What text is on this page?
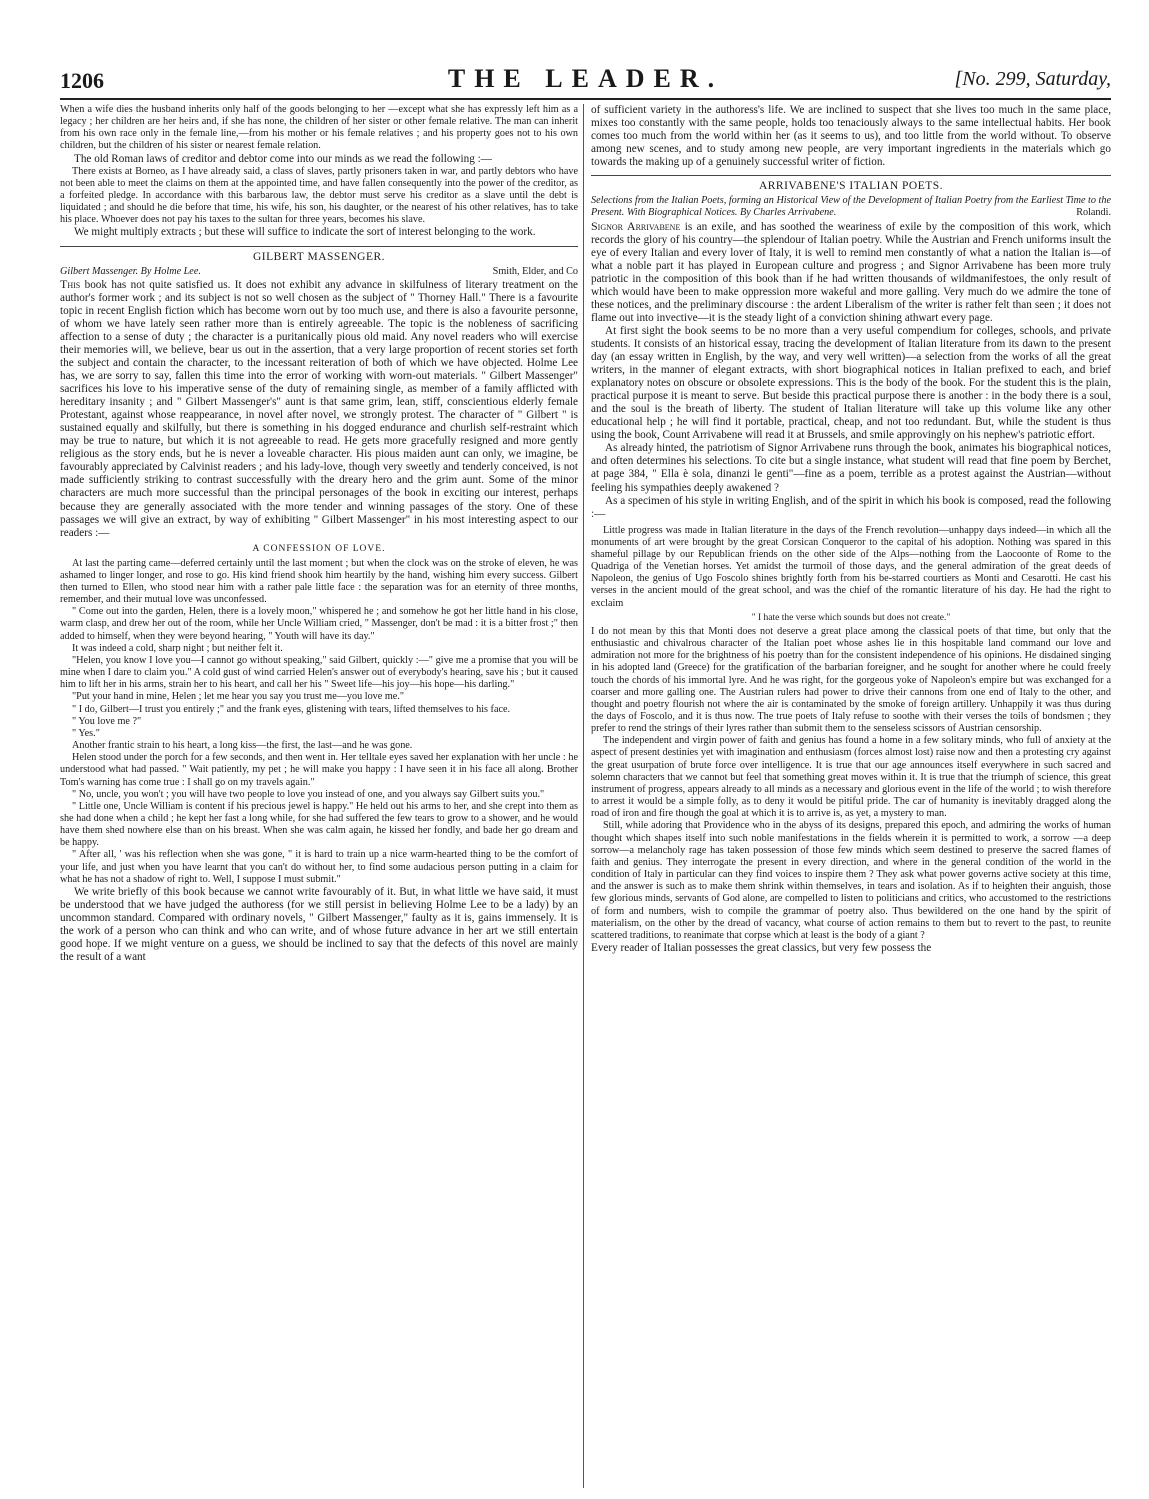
1206	THE LEADER.	[No. 299, Saturday,

When a wife dies the husband inherits only half of the goods belonging to her —except what she has expressly left him as a legacy ; her children are her heirs and, if she has none, the children of her sister or other female relative. The man can inherit from his own race only in the female line,—from his mother or his female relatives ; and his property goes not to his own children, but the children of his sister or nearest female relation.

The old Roman laws of creditor and debtor come into our minds as we read the following :—

There exists at Borneo, as I have already said, a class of slaves, partly prisoners taken in war, and partly debtors who have not been able to meet the claims on them at the appointed time, and have fallen consequently into the power of the creditor, as a forfeited pledge. In accordance with this barbarous law, the debtor must serve his creditor as a slave until the debt is liquidated ; and should he die before that time, his wife, his son, his daughter, or the nearest of his other relatives, has to take his place. Whoever does not pay his taxes to the sultan for three years, becomes his slave.

We might multiply extracts ; but these will suffice to indicate the sort of interest belonging to the work.

GILBERT MASSENGER.
Gilbert Massenger. By Holme Lee.	Smith, Elder, and Co

This book has not quite satisfied us. It does not exhibit any advance in skilfulness of literary treatment on the author's former work ; and its subject is not so well chosen as the subject of " Thorney Hall." There is a favourite topic in recent English fiction which has become worn out by too much use, and there is also a favourite personne, of whom we have lately seen rather more than is entirely agreeable. The topic is the nobleness of sacrificing affection to a sense of duty ; the character is a puritanically pious old maid. Any novel readers who will exercise their memories will, we believe, bear us out in the assertion, that a very large proportion of recent stories set forth the subject and contain the character, to the incessant reiteration of both of which we have objected. Holme Lee has, we are sorry to say, fallen this time into the error of working with worn-out materials. " Gilbert Massenger" sacrifices his love to his imperative sense of the duty of remaining single, as member of a family afflicted with hereditary insanity ; and " Gilbert Massenger's" aunt is that same grim, lean, stiff, conscientious elderly female Protestant, against whose reappearance, in novel after novel, we strongly protest. The character of " Gilbert " is sustained equally and skilfully, but there is something in his dogged endurance and churlish self-restraint which may be true to nature, but which it is not agreeable to read. He gets more gracefully resigned and more gently religious as the story ends, but he is never a loveable character. His pious maiden aunt can only, we imagine, be favourably appreciated by Calvinist readers ; and his lady-love, though very sweetly and tenderly conceived, is not made sufficiently striking to contrast successfully with the dreary hero and the grim aunt. Some of the minor characters are much more successful than the principal personages of the book in exciting our interest, perhaps because they are generally associated with the more tender and winning passages of the story. One of these passages we will give an extract, by way of exhibiting " Gilbert Massenger" in his most interesting aspect to our readers :—

A CONFESSION OF LOVE.

At last the parting came—deferred certainly until the last moment ; but when the clock was on the stroke of eleven, he was ashamed to linger longer, and rose to go. His kind friend shook him heartily by the hand, wishing him every success. Gilbert then turned to Ellen, who stood near him with a rather pale little face : the separation was for an eternity of three months, remember, and their mutual love was unconfessed.

" Come out into the garden, Helen, there is a lovely moon," whispered he ; and somehow he got her little hand in his close, warm clasp, and drew her out of the room, while her Uncle William cried, " Massenger, don't be mad : it is a bitter frost ;" then added to himself, when they were beyond hearing, " Youth will have its day."

It was indeed a cold, sharp night ; but neither felt it.

"Helen, you know I love you—I cannot go without speaking," said Gilbert, quickly :—" give me a promise that you will be mine when I dare to claim you." A cold gust of wind carried Helen's answer out of everybody's hearing, save his ; but it caused him to lift her in his arms, strain her to his heart, and call her his " Sweet life—his joy—his hope—his darling."

"Put your hand in mine, Helen ; let me hear you say you trust me—you love me."

" I do, Gilbert—I trust you entirely ;" and the frank eyes, glistening with tears, lifted themselves to his face.

" You love me ?"

" Yes."

Another frantic strain to his heart, a long kiss—the first, the last—and he was gone.

Helen stood under the porch for a few seconds, and then went in. Her telltale eyes saved her explanation with her uncle : he understood what had passed. " Wait patiently, my pet ; he will make you happy : I have seen it in his face all along. Brother Tom's warning has come true : I shall go on my travels again."

" No, uncle, you won't ; you will have two people to love you instead of one, and you always say Gilbert suits you."

" Little one, Uncle William is content if his precious jewel is happy." He held out his arms to her, and she crept into them as she had done when a child ; he kept her fast a long while, for she had suffered the few tears to grow to a shower, and he would have them shed nowhere else than on his breast. When she was calm again, he kissed her fondly, and bade her go dream and be happy.

" After all, ' was his reflection when she was gone, " it is hard to train up a nice warm-hearted thing to be the comfort of your life, and just when you have learnt that you can't do without her, to find some audacious person putting in a claim for what he has not a shadow of right to. Well, I suppose I must submit."

We write briefly of this book because we cannot write favourably of it. But, in what little we have said, it must be understood that we have judged the authoress (for we still persist in believing Holme Lee to be a lady) by an uncommon standard. Compared with ordinary novels, " Gilbert Massenger," faulty as it is, gains immensely. It is the work of a person who can think and who can write, and of whose future advance in her art we still entertain good hope. If we might venture on a guess, we should be inclined to say that the defects of this novel are mainly the result of a want

of sufficient variety in the authoress's life. We are inclined to suspect that she lives too much in the same place, mixes too constantly with the same people, holds too tenaciously always to the same intellectual habits. Her book comes too much from the world within her (as it seems to us), and too little from the world without. To observe among new scenes, and to study among new people, are very important ingredients in the materials which go towards the making up of a genuinely successful writer of fiction.

ARRIVABENE'S ITALIAN POETS.
Selections from the Italian Poets, forming an Historical View of the Development of Italian Poetry from the Earliest Time to the Present. With Biographical Notices. By Charles Arrivabene.	Rolandi.

Signor Arrivabene is an exile, and has soothed the weariness of exile by the composition of this work, which records the glory of his country—the splendour of Italian poetry. While the Austrian and French uniforms insult the eye of every Italian and every lover of Italy, it is well to remind men constantly of what a nation the Italian is—of what a noble part it has played in European culture and progress ; and Signor Arrivabene has been more truly patriotic in the composition of this book than if he had written thousands of wildmanifestoes, the only result of which would have been to make oppression more wakeful and more galling. Very much do we admire the tone of these notices, and the preliminary discourse : the ardent Liberalism of the writer is rather felt than seen ; it does not flame out into invective—it is the steady light of a conviction shining athwart every page.

At first sight the book seems to be no more than a very useful compendium for colleges, schools, and private students. It consists of an historical essay, tracing the development of Italian literature from its dawn to the present day (an essay written in English, by the way, and very well written)—a selection from the works of all the great writers, in the manner of elegant extracts, with short biographical notices in Italian prefixed to each, and brief explanatory notes on obscure or obsolete expressions. This is the body of the book. For the student this is the plain, practical purpose it is meant to serve. But beside this practical purpose there is another : in the body there is a soul, and the soul is the breath of liberty. The student of Italian literature will take up this volume like any other educational help ; he will find it portable, practical, cheap, and not too redundant. But, while the student is thus using the book, Count Arrivabene will read it at Brussels, and smile approvingly on his nephew's patriotic effort.

As already hinted, the patriotism of Signor Arrivabene runs through the book, animates his biographical notices, and often determines his selections. To cite but a single instance, what student will read that fine poem by Berchet, at page 384, " Ella è sola, dinanzi le genti"—fine as a poem, terrible as a protest against the Austrian—without feeling his sympathies deeply awakened ?

As a specimen of his style in writing English, and of the spirit in which his book is composed, read the following :—

Little progress was made in Italian literature in the days of the French revolution—unhappy days indeed—in which all the monuments of art were brought by the great Corsican Conqueror to the capital of his adoption. Nothing was spared in this shameful pillage by our Republican friends on the other side of the Alps—nothing from the Laocoonte of Rome to the Quadriga of the Venetian horses. Yet amidst the turmoil of those days, and the general admiration of the great deeds of Napoleon, the genius of Ugo Foscolo shines brightly forth from his be-starred courtiers as Monti and Cesarotti. He cast his verses in the ancient mould of the great school, and was the chief of the romantic literature of his day. He had the right to exclaim

" I hate the verse which sounds but does not create."

I do not mean by this that Monti does not deserve a great place among the classical poets of that time, but only that the enthusiastic and chivalrous character of the Italian poet whose ashes lie in this hospitable land command our love and admiration not more for the brightness of his poetry than for the consistent independence of his opinions. He disdained singing in his adopted land (Greece) for the gratification of the barbarian foreigner, and he sought for another where he could freely touch the chords of his immortal lyre. And he was right, for the gorgeous yoke of Napoleon's empire but was exchanged for a coarser and more galling one. The Austrian rulers had power to drive their cannons from one end of Italy to the other, and thought and poetry flourish not where the air is contaminated by the smoke of foreign artillery. Unhappily it was thus during the days of Foscolo, and it is thus now. The true poets of Italy refuse to soothe with their verses the toils of bondsmen ; they prefer to rend the strings of their lyres rather than submit them to the senseless scissors of Austrian censorship.

The independent and virgin power of faith and genius has found a home in a few solitary minds, who full of anxiety at the aspect of present destinies yet with imagination and enthusiasm (forces almost lost) raise now and then a protesting cry against the great usurpation of brute force over intelligence. It is true that our age announces itself everywhere in such sacred and solemn characters that we cannot but feel that something great moves within it. It is true that the triumph of science, this great instrument of progress, appears already to all minds as a necessary and glorious event in the life of the world ; to wish therefore to arrest it would be a simple folly, as to deny it would be pitiful pride. The car of humanity is inevitably dragged along the road of iron and fire though the goal at which it is to arrive is, as yet, a mystery to man.

Still, while adoring that Providence who in the abyss of its designs, prepared this epoch, and admiring the works of human thought which shapes itself into such noble manifestations in the fields wherein it is permitted to work, a sorrow —a deep sorrow—a melancholy rage has taken possession of those few minds which seem destined to preserve the sacred flames of faith and genius. They interrogate the present in every direction, and where in the general condition of the world in the condition of Italy in particular can they find voices to inspire them ? They ask what power governs active society at this time, and the answer is such as to make them shrink within themselves, in tears and isolation. As if to heighten their anguish, those few glorious minds, servants of God alone, are compelled to listen to politicians and critics, who accustomed to the restrictions of form and numbers, wish to compile the grammar of poetry also. Thus bewildered on the one hand by the spirit of materialism, on the other by the dread of vacancy, what course of action remains to them but to revert to the past, to reunite scattered traditions, to reanimate that corpse which at least is the body of a giant ?

Every reader of Italian possesses the great classics, but very few possess the
